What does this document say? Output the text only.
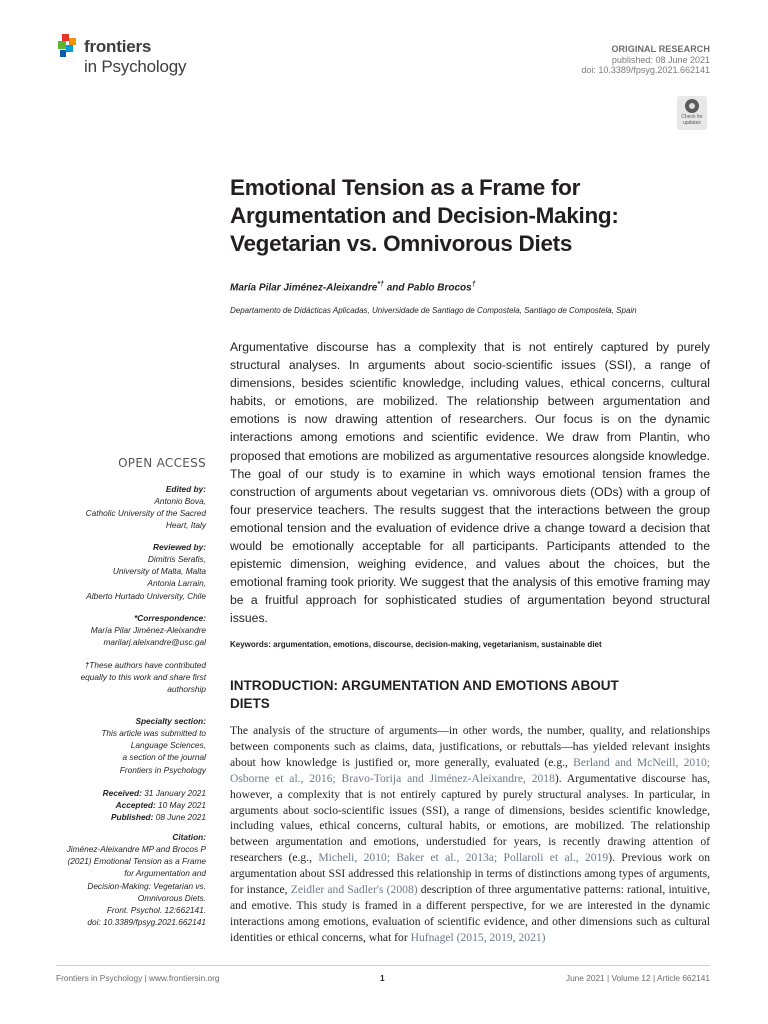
frontiers
in Psychology
ORIGINAL RESEARCH
published: 08 June 2021
doi: 10.3389/fpsyg.2021.662141
Check for updates
Emotional Tension as a Frame for
Argumentation and Decision-Making:
Vegetarian vs. Omnivorous Diets
María Pilar Jiménez-Aleixandre*† and Pablo Brocos†
Departamento de Didácticas Aplicadas, Universidade de Santiago de Compostela, Santiago de Compostela, Spain
Argumentative discourse has a complexity that is not entirely captured by purely structural analyses. In arguments about socio-scientific issues (SSI), a range of dimensions, besides scientific knowledge, including values, ethical concerns, cultural habits, or emotions, are mobilized. The relationship between argumentation and emotions is now drawing attention of researchers. Our focus is on the dynamic interactions among emotions and scientific evidence. We draw from Plantin, who proposed that emotions are mobilized as argumentative resources alongside knowledge. The goal of our study is to examine in which ways emotional tension frames the construction of arguments about vegetarian vs. omnivorous diets (ODs) with a group of four preservice teachers. The results suggest that the interactions between the group emotional tension and the evaluation of evidence drive a change toward a decision that would be emotionally acceptable for all participants. Participants attended to the epistemic dimension, weighing evidence, and values about the choices, but the emotional framing took priority. We suggest that the analysis of this emotive framing may be a fruitful approach for sophisticated studies of argumentation beyond structural issues.
Keywords: argumentation, emotions, discourse, decision-making, vegetarianism, sustainable diet
OPEN ACCESS
Edited by:
Antonio Bova,
Catholic University of the Sacred
Heart, Italy
Reviewed by:
Dimitris Serafis,
University of Malta, Malta
Antonia Larrain,
Alberto Hurtado University, Chile
*Correspondence:
María Pilar Jiménez-Aleixandre
marilarj.aleixandre@usc.gal
†These authors have contributed
equally to this work and share first
authorship
Specialty section:
This article was submitted to
Language Sciences,
a section of the journal
Frontiers in Psychology
Received: 31 January 2021
Accepted: 10 May 2021
Published: 08 June 2021
Citation:
Jiménez-Aleixandre MP and Brocos P
(2021) Emotional Tension as a Frame
for Argumentation and
Decision-Making: Vegetarian vs.
Omnivorous Diets.
Front. Psychol. 12:662141.
doi: 10.3389/fpsyg.2021.662141
INTRODUCTION: ARGUMENTATION AND EMOTIONS ABOUT
DIETS
The analysis of the structure of arguments—in other words, the number, quality, and relationships between components such as claims, data, justifications, or rebuttals—has yielded relevant insights about how knowledge is justified or, more generally, evaluated (e.g., Berland and McNeill, 2010; Osborne et al., 2016; Bravo-Torija and Jiménez-Aleixandre, 2018). Argumentative discourse has, however, a complexity that is not entirely captured by purely structural analyses. In particular, in arguments about socio-scientific issues (SSI), a range of dimensions, besides scientific knowledge, including values, ethical concerns, cultural habits, or emotions, are mobilized. The relationship between argumentation and emotions, understudied for years, is recently drawing attention of researchers (e.g., Micheli, 2010; Baker et al., 2013a; Pollaroli et al., 2019). Previous work on argumentation about SSI addressed this relationship in terms of distinctions among types of arguments, for instance, Zeidler and Sadler's (2008) description of three argumentative patterns: rational, intuitive, and emotive. This study is framed in a different perspective, for we are interested in the dynamic interactions among emotions, evaluation of scientific evidence, and other dimensions such as cultural identities or ethical concerns, what for Hufnagel (2015, 2019, 2021)
Frontiers in Psychology | www.frontiersin.org	1	June 2021 | Volume 12 | Article 662141
